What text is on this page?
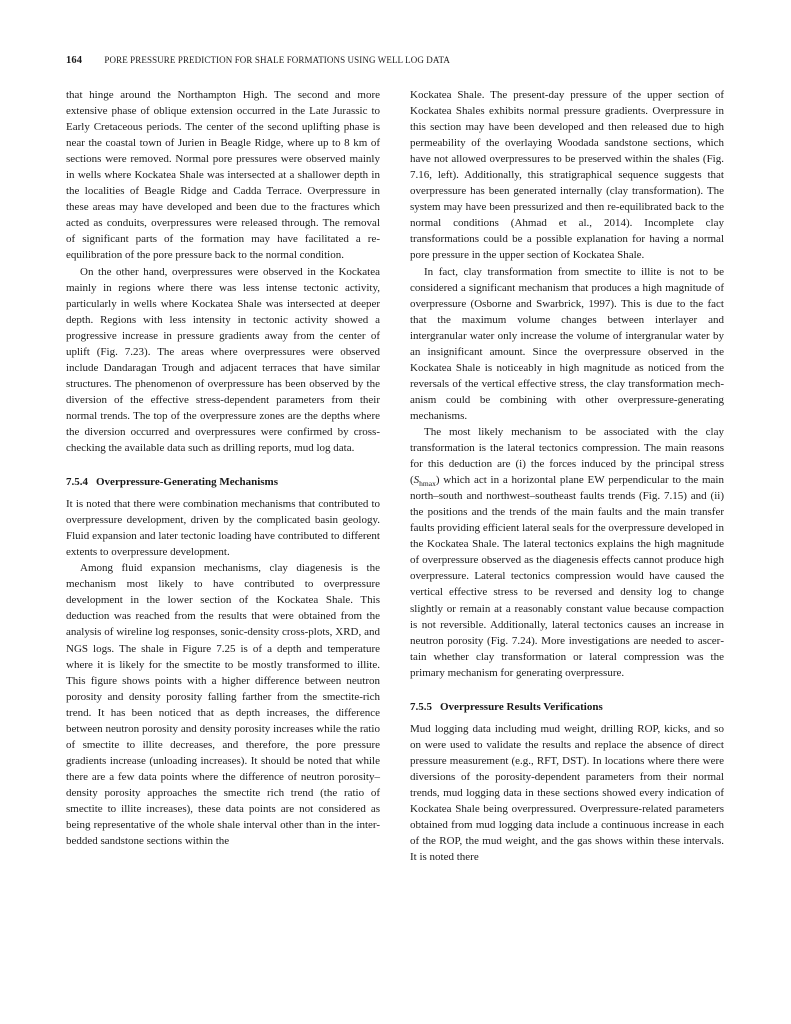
164 PORE PRESSURE PREDICTION FOR SHALE FORMATIONS USING WELL LOG DATA

that hinge around the Northampton High. The second and more extensive phase of oblique extension occurred in the Late Jurassic to Early Cretaceous periods. The center of the second uplifting phase is near the coastal town of Jurien in Beagle Ridge, where up to 8 km of sections were removed. Normal pore pressures were observed mainly in wells where Kockatea Shale was intersected at a shallower depth in the localities of Beagle Ridge and Cadda Terrace. Overpressure in these areas may have developed and been due to the fractures which acted as conduits, overpressures were released through. The removal of significant parts of the formation may have facilitated a re-equilibration of the pore pressure back to the normal condition.

On the other hand, overpressures were observed in the Kockatea mainly in regions where there was less intense tectonic activity, particularly in wells where Kockatea Shale was intersected at deeper depth. Regions with less intensity in tectonic activity showed a progressive increase in pressure gradients away from the center of uplift (Fig. 7.23). The areas where overpressures were observed include Dandaragan Trough and adjacent terraces that have similar structures. The phenomenon of overpressure has been observed by the diversion of the effective stress-dependent parameters from their normal trends. The top of the overpressure zones are the depths where the diversion occurred and overpressures were confirmed by cross-checking the available data such as drilling reports, mud log data.

7.5.4 Overpressure-Generating Mechanisms

It is noted that there were combination mechanisms that contributed to overpressure development, driven by the complicated basin geology. Fluid expansion and later tectonic loading have contributed to different extents to overpressure development.

Among fluid expansion mechanisms, clay diagenesis is the mechanism most likely to have contributed to overpressure development in the lower section of the Kockatea Shale. This deduction was reached from the results that were obtained from the analysis of wireline log responses, sonic-density cross-plots, XRD, and NGS logs. The shale in Figure 7.25 is of a depth and temperature where it is likely for the smectite to be mostly transformed to illite. This figure shows points with a higher difference between neutron porosity and density porosity falling farther from the smectite-rich trend. It has been noticed that as depth increases, the difference between neutron porosity and density porosity increases while the ratio of smectite to illite decreases, and therefore, the pore pressure gradients increase (unloading increases). It should be noted that while there are a few data points where the difference of neutron porosity–density porosity approaches the smectite rich trend (the ratio of smectite to illite increases), these data points are not considered as being representative of the whole shale interval other than in the inter-bedded sandstone sections within the

Kockatea Shale. The present-day pressure of the upper section of Kockatea Shales exhibits normal pressure gradients. Overpressure in this section may have been developed and then released due to high permeability of the overlaying Woodada sandstone sections, which have not allowed overpressures to be preserved within the shales (Fig. 7.16, left). Additionally, this stratigraphical sequence suggests that overpressure has been generated internally (clay transformation). The system may have been pressurized and then re-equilibrated back to the normal conditions (Ahmad et al., 2014). Incomplete clay transformations could be a possible explanation for having a normal pore pressure in the upper section of Kockatea Shale.

In fact, clay transformation from smectite to illite is not to be considered a significant mechanism that produces a high magnitude of overpressure (Osborne and Swarbrick, 1997). This is due to the fact that the maximum volume changes between interlayer and intergranular water only increase the volume of intergranular water by an insignificant amount. Since the overpressure observed in the Kockatea Shale is noticeably in high magnitude as noticed from the reversals of the vertical effective stress, the clay transformation mechanism could be combining with other overpressure-generating mechanisms.

The most likely mechanism to be associated with the clay transformation is the lateral tectonics compression. The main reasons for this deduction are (i) the forces induced by the principal stress $(S_{hmax})$ which act in a horizontal plane EW perpendicular to the main north–south and northwest–southeast faults trends (Fig. 7.15) and (ii) the positions and the trends of the main faults and the main transfer faults providing efficient lateral seals for the overpressure developed in the Kockatea Shale. The lateral tectonics explains the high magnitude of overpressure observed as the diagenesis effects cannot produce high overpressure. Lateral tectonics compression would have caused the vertical effective stress to be reversed and density log to change slightly or remain at a reasonably constant value because compaction is not reversible. Additionally, lateral tectonics causes an increase in neutron porosity (Fig. 7.24). More investigations are needed to ascertain whether clay transformation or lateral compression was the primary mechanism for generating overpressure.

7.5.5 Overpressure Results Verifications

Mud logging data including mud weight, drilling ROP, kicks, and so on were used to validate the results and replace the absence of direct pressure measurement (e.g., RFT, DST). In locations where there were diversions of the porosity-dependent parameters from their normal trends, mud logging data in these sections showed every indication of Kockatea Shale being overpressured. Overpressure-related parameters obtained from mud logging data include a continuous increase in each of the ROP, the mud weight, and the gas shows within these intervals. It is noted there
